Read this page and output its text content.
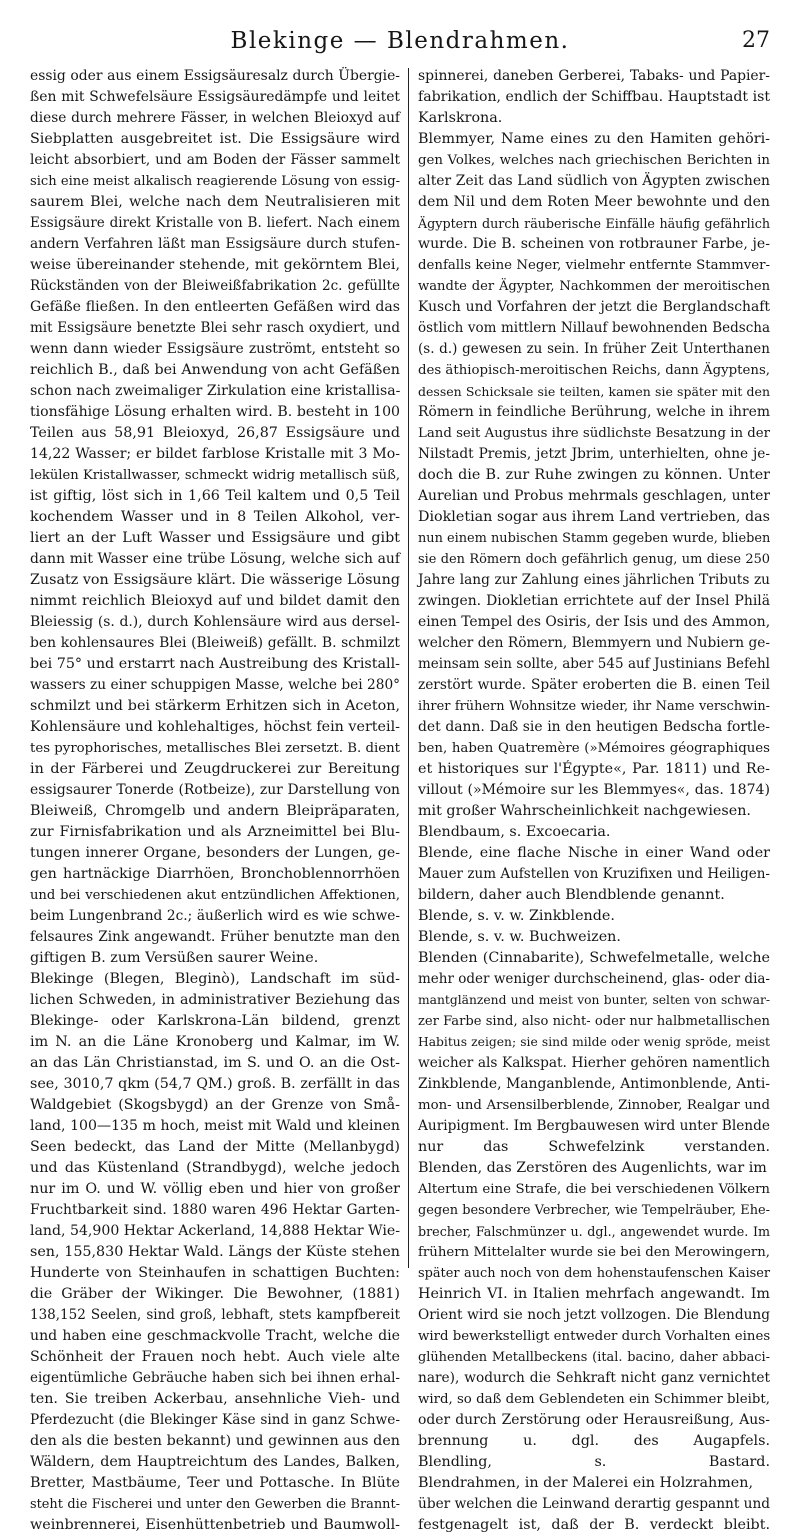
Blekinge — Blendrahmen.	27
essig oder aus einem Essigsäuresalz durch Übergie-
ßen mit Schwefelsäure Essigsäuredämpfe und leitet
diese durch mehrere Fässer, in welchen Bleioxyd auf
Siebplatten ausgebreitet ist. Die Essigsäure wird
leicht absorbiert, und am Boden der Fässer sammelt
sich eine meist alkalisch reagierende Lösung von essig-
saurem Blei, welche nach dem Neutralisieren mit
Essigsäure direkt Kristalle von B. liefert. Nach einem
andern Verfahren läßt man Essigsäure durch stufen-
weise übereinander stehende, mit gekörntem Blei,
Rückständen von der Bleiweißfabrikation 2c. gefüllte
Gefäße fließen. In den entleerten Gefäßen wird das
mit Essigsäure benetzte Blei sehr rasch oxydiert, und
wenn dann wieder Essigsäure zuströmt, entsteht so
reichlich B., daß bei Anwendung von acht Gefäßen
schon nach zweimaliger Zirkulation eine kristallisa-
tionsfähige Lösung erhalten wird. B. besteht in 100
Teilen aus 58,91 Bleioxyd, 26,87 Essigsäure und
14,22 Wasser; er bildet farblose Kristalle mit 3 Mo-
lekülen Kristallwasser, schmeckt widrig metallisch süß,
ist giftig, löst sich in 1,66 Teil kaltem und 0,5 Teil
kochendem Wasser und in 8 Teilen Alkohol, ver-
liert an der Luft Wasser und Essigsäure und gibt
dann mit Wasser eine trübe Lösung, welche sich auf
Zusatz von Essigsäure klärt. Die wässerige Lösung
nimmt reichlich Bleioxyd auf und bildet damit den
Bleiessig (s. d.), durch Kohlensäure wird aus dersel-
ben kohlensaures Blei (Bleiweiß) gefällt. B. schmilzt
bei 75° und erstarrt nach Austreibung des Kristall-
wassers zu einer schuppigen Masse, welche bei 280°
schmilzt und bei stärkerm Erhitzen sich in Aceton,
Kohlensäure und kohlehaltiges, höchst fein verteil-
tes pyrophorisches, metallisches Blei zersetzt. B. dient
in der Färberei und Zeugdruckerei zur Bereitung
essigsaurer Tonerde (Rotbeize), zur Darstellung von
Bleiweiß, Chromgelb und andern Bleipräparaten,
zur Firnisfabrikation und als Arzneimittel bei Blu-
tungen innerer Organe, besonders der Lungen, ge-
gen hartnäckige Diarrhöen, Bronchoblennorrhöen
und bei verschiedenen akut entzündlichen Affektionen,
beim Lungenbrand 2c.; äußerlich wird es wie schwe-
felsaures Zink angewandt. Früher benutzte man den
giftigen B. zum Versüßen saurer Weine.
Blekinge (Blegen, Bleginò), Landschaft im süd-
lichen Schweden, in administrativer Beziehung das
Blekinge- oder Karlskrona-Län bildend, grenzt
im N. an die Läne Kronoberg und Kalmar, im W.
an das Län Christianstad, im S. und O. an die Ost-
see, 3010,7 qkm (54,7 QM.) groß. B. zerfällt in das
Waldgebiet (Skogsbygd) an der Grenze von Små-
land, 100—135 m hoch, meist mit Wald und kleinen
Seen bedeckt, das Land der Mitte (Mellanbygd)
und das Küstenland (Strandbygd), welche jedoch
nur im O. und W. völlig eben und hier von großer
Fruchtbarkeit sind. 1880 waren 496 Hektar Garten-
land, 54,900 Hektar Ackerland, 14,888 Hektar Wie-
sen, 155,830 Hektar Wald. Längs der Küste stehen
Hunderte von Steinhaufen in schattigen Buchten:
die Gräber der Wikinger. Die Bewohner, (1881)
138,152 Seelen, sind groß, lebhaft, stets kampfbereit
und haben eine geschmackvolle Tracht, welche die
Schönheit der Frauen noch hebt. Auch viele alte
eigentümliche Gebräuche haben sich bei ihnen erhal-
ten. Sie treiben Ackerbau, ansehnliche Vieh- und
Pferdezucht (die Blekinger Käse sind in ganz Schwe-
den als die besten bekannt) und gewinnen aus den
Wäldern, dem Hauptreichtum des Landes, Balken,
Bretter, Mastbäume, Teer und Pottasche. In Blüte
steht die Fischerei und unter den Gewerben die Brannt-
weinbrennerei, Eisenhüttenbetrieb und Baumwoll-
spinnerei, daneben Gerberei, Tabaks- und Papier-
fabrikation, endlich der Schiffbau. Hauptstadt ist
Karlskrona.
Blemmyer, Name eines zu den Hamiten gehöri-
gen Volkes, welches nach griechischen Berichten in
alter Zeit das Land südlich von Ägypten zwischen
dem Nil und dem Roten Meer bewohnte und den
Ägyptern durch räuberische Einfälle häufig gefährlich
wurde. Die B. scheinen von rotbrauner Farbe, je-
denfalls keine Neger, vielmehr entfernte Stammver-
wandte der Ägypter, Nachkommen der meroitischen
Kusch und Vorfahren der jetzt die Berglandschaft
östlich vom mittlern Nillauf bewohnenden Bedscha
(s. d.) gewesen zu sein. In früher Zeit Unterthanen
des äthiopisch-meroitischen Reichs, dann Ägyptens,
dessen Schicksale sie teilten, kamen sie später mit den
Römern in feindliche Berührung, welche in ihrem
Land seit Augustus ihre südlichste Besatzung in der
Nilstadt Premis, jetzt Jbrim, unterhielten, ohne je-
doch die B. zur Ruhe zwingen zu können. Unter
Aurelian und Probus mehrmals geschlagen, unter
Diokletian sogar aus ihrem Land vertrieben, das
nun einem nubischen Stamm gegeben wurde, blieben
sie den Römern doch gefährlich genug, um diese 250
Jahre lang zur Zahlung eines jährlichen Tributs zu
zwingen. Diokletian errichtete auf der Insel Philä
einen Tempel des Osiris, der Isis und des Ammon,
welcher den Römern, Blemmyern und Nubiern ge-
meinsam sein sollte, aber 545 auf Justinians Befehl
zerstört wurde. Später eroberten die B. einen Teil
ihrer frühern Wohnsitze wieder, ihr Name verschwin-
det dann. Daß sie in den heutigen Bedscha fortle-
ben, haben Quatremère (»Mémoires géographiques
et historiques sur l'Égypte«, Par. 1811) und Re-
villout (»Mémoire sur les Blemmyes«, das. 1874)
mit großer Wahrscheinlichkeit nachgewiesen.
Blendbaum, s. Excoecaria.
Blende, eine flache Nische in einer Wand oder
Mauer zum Aufstellen von Kruzifixen und Heiligen-
bildern, daher auch Blendblende genannt.
Blende, s. v. w. Zinkblende.
Blende, s. v. w. Buchweizen.
Blenden (Cinnabarite), Schwefelmetalle, welche
mehr oder weniger durchscheinend, glas- oder dia-
mantglänzend und meist von bunter, selten von schwar-
zer Farbe sind, also nicht- oder nur halbmetallischen
Habitus zeigen; sie sind milde oder wenig spröde, meist
weicher als Kalkspat. Hierher gehören namentlich
Zinkblende, Manganblende, Antimonblende, Anti-
mon- und Arsensilberblende, Zinnober, Realgar und
Auripigment. Im Bergbauwesen wird unter Blende
nur das Schwefelzink verstanden.
Blenden, das Zerstören des Augenlichts, war im
Altertum eine Strafe, die bei verschiedenen Völkern
gegen besondere Verbrecher, wie Tempelräuber, Ehe-
brecher, Falschmünzer u. dgl., angewendet wurde. Im
frühern Mittelalter wurde sie bei den Merowingern,
später auch noch von dem hohenstaufenschen Kaiser
Heinrich VI. in Italien mehrfach angewandt. Im
Orient wird sie noch jetzt vollzogen. Die Blendung
wird bewerkstelligt entweder durch Vorhalten eines
glühenden Metallbeckens (ital. bacino, daher abbaci-
nare), wodurch die Sehkraft nicht ganz vernichtet
wird, so daß dem Geblendeten ein Schimmer bleibt,
oder durch Zerstörung oder Herausreißung, Aus-
brennung u. dgl. des Augapfels.
Blendling, s. Bastard.
Blendrahmen, in der Malerei ein Holzrahmen,
über welchen die Leinwand derartig gespannt und
festgenagelt ist, daß der B. verdeckt bleibt.
